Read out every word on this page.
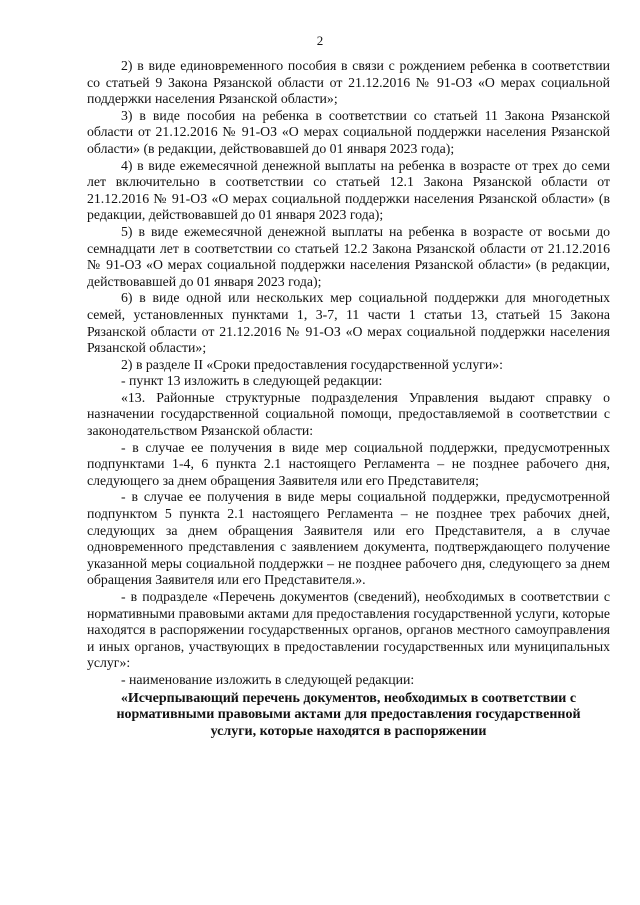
2

2) в виде единовременного пособия в связи с рождением ребенка в соответствии со статьей 9 Закона Рязанской области от 21.12.2016 № 91-ОЗ «О мерах социальной поддержки населения Рязанской области»;

3) в виде пособия на ребенка в соответствии со статьей 11 Закона Рязанской области от 21.12.2016 № 91-ОЗ «О мерах социальной поддержки населения Рязанской области» (в редакции, действовавшей до 01 января 2023 года);

4) в виде ежемесячной денежной выплаты на ребенка в возрасте от трех до семи лет включительно в соответствии со статьей 12.1 Закона Рязанской области от 21.12.2016 № 91-ОЗ «О мерах социальной поддержки населения Рязанской области» (в редакции, действовавшей до 01 января 2023 года);

5) в виде ежемесячной денежной выплаты на ребенка в возрасте от восьми до семнадцати лет в соответствии со статьей 12.2 Закона Рязанской области от 21.12.2016 № 91-ОЗ «О мерах социальной поддержки населения Рязанской области» (в редакции, действовавшей до 01 января 2023 года);

6) в виде одной или нескольких мер социальной поддержки для многодетных семей, установленных пунктами 1, 3-7, 11 части 1 статьи 13, статьей 15 Закона Рязанской области от 21.12.2016 № 91-ОЗ «О мерах социальной поддержки населения Рязанской области»;

2) в разделе II «Сроки предоставления государственной услуги»:

- пункт 13 изложить в следующей редакции:

«13. Районные структурные подразделения Управления выдают справку о назначении государственной социальной помощи, предоставляемой в соответствии с законодательством Рязанской области:

- в случае ее получения в виде мер социальной поддержки, предусмотренных подпунктами 1-4, 6 пункта 2.1 настоящего Регламента – не позднее рабочего дня, следующего за днем обращения Заявителя или его Представителя;

- в случае ее получения в виде меры социальной поддержки, предусмотренной подпунктом 5 пункта 2.1 настоящего Регламента – не позднее трех рабочих дней, следующих за днем обращения Заявителя или его Представителя, а в случае одновременного представления с заявлением документа, подтверждающего получение указанной меры социальной поддержки – не позднее рабочего дня, следующего за днем обращения Заявителя или его Представителя.».

- в подразделе «Перечень документов (сведений), необходимых в соответствии с нормативными правовыми актами для предоставления государственной услуги, которые находятся в распоряжении государственных органов, органов местного самоуправления и иных органов, участвующих в предоставлении государственных или муниципальных услуг»:

- наименование изложить в следующей редакции:

«Исчерпывающий перечень документов, необходимых в соответствии с нормативными правовыми актами для предоставления государственной услуги, которые находятся в распоряжении
